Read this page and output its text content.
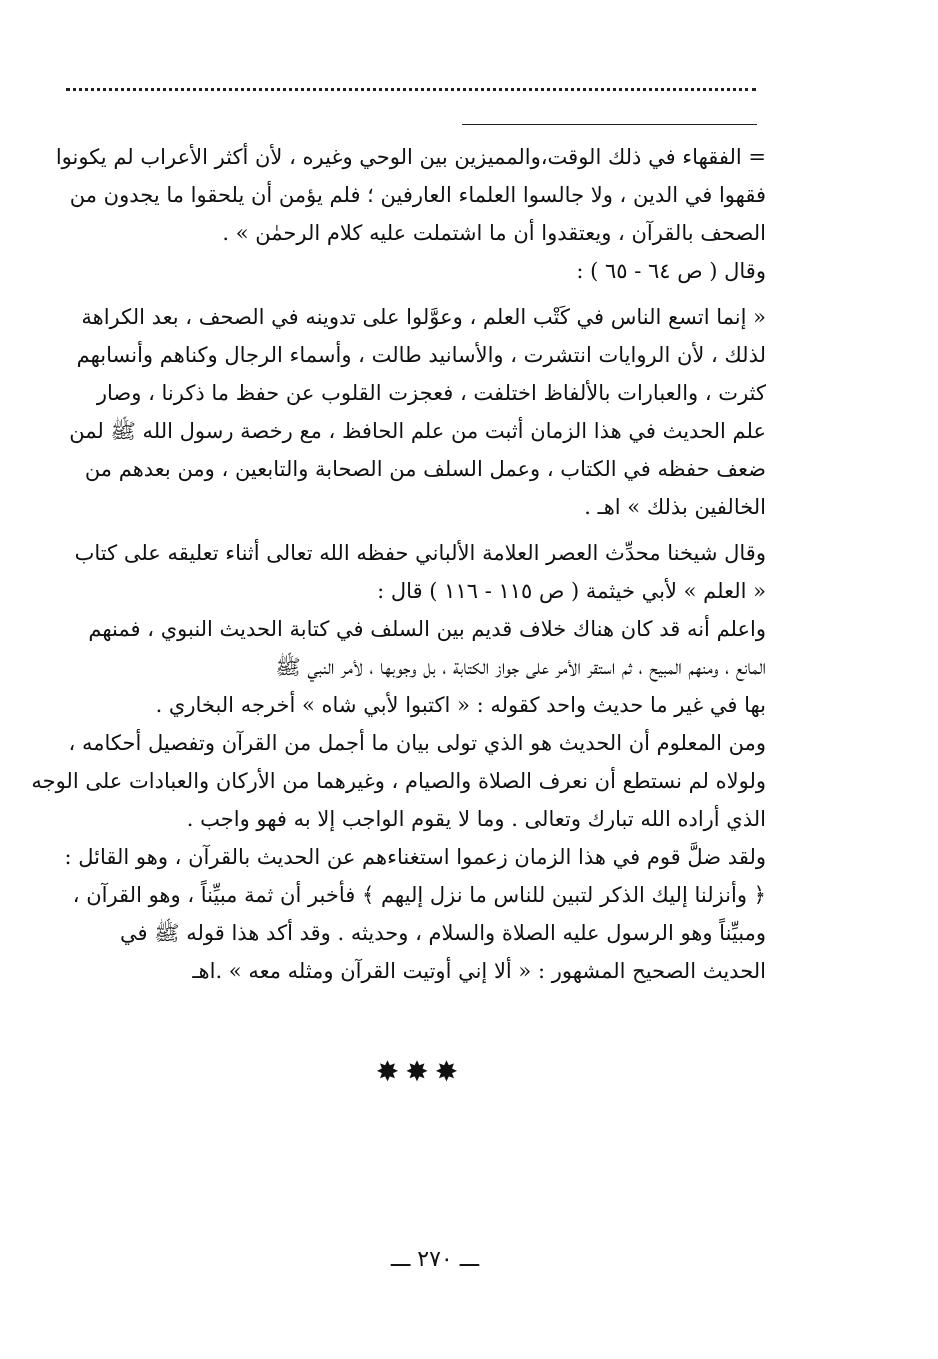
= الفقهاء في ذلك الوقت،والمميزين بين الوحي وغيره ، لأن أكثر الأعراب لم يكونوا
فقهوا في الدين ، ولا جالسوا العلماء العارفين ؛ فلم يؤمن أن يلحقوا ما يجدون من
الصحف بالقرآن ، ويعتقدوا أن ما اشتملت عليه كلام الرحمٰن » .
وقال ( ص ٦٤ - ٦٥ ) :
« إنما اتسع الناس في كَتْب العلم ، وعوَّلوا على تدوينه في الصحف ، بعد الكراهة
لذلك ، لأن الروايات انتشرت ، والأسانيد طالت ، وأسماء الرجال وكناهم وأنسابهم
كثرت ، والعبارات بالألفاظ اختلفت ، فعجزت القلوب عن حفظ ما ذكرنا ، وصار
علم الحديث في هذا الزمان أثبت من علم الحافظ ، مع رخصة رسول الله ﷺ لمن
ضعف حفظه في الكتاب ، وعمل السلف من الصحابة والتابعين ، ومن بعدهم من
الخالفين بذلك » اهـ .
وقال شيخنا محدِّث العصر العلامة الألباني حفظه الله تعالى أثناء تعليقه على كتاب
« العلم » لأبي خيثمة ( ص ١١٥ - ١١٦ ) قال :
واعلم أنه قد كان هناك خلاف قديم بين السلف في كتابة الحديث النبوي ، فمنهم
المانع ، ومنهم المبيح ، ثم استقر الأمر على جواز الكتابة ، بل وجوبها ، لأمر النبي ﷺ
بها في غير ما حديث واحد كقوله : « اكتبوا لأبي شاه » أخرجه البخاري .
ومن المعلوم أن الحديث هو الذي تولى بيان ما أجمل من القرآن وتفصيل أحكامه ،
ولولاه لم نستطع أن نعرف الصلاة والصيام ، وغيرهما من الأركان والعبادات على الوجه
الذي أراده الله تبارك وتعالى . وما لا يقوم الواجب إلا به فهو واجب .
ولقد ضلَّ قوم في هذا الزمان زعموا استغناءهم عن الحديث بالقرآن ، وهو القائل :
﴿ وأنزلنا إليك الذكر لتبين للناس ما نزل إليهم ﴾ فأخبر أن ثمة مبيِّناً ، وهو القرآن ،
ومبيِّناً وهو الرسول عليه الصلاة والسلام ، وحديثه . وقد أكد هذا قوله ﷺ في
الحديث الصحيح المشهور : « ألا إني أوتيت القرآن ومثله معه » .اهـ
✸✸✸
ـــ ٢٧٠ ـــ
